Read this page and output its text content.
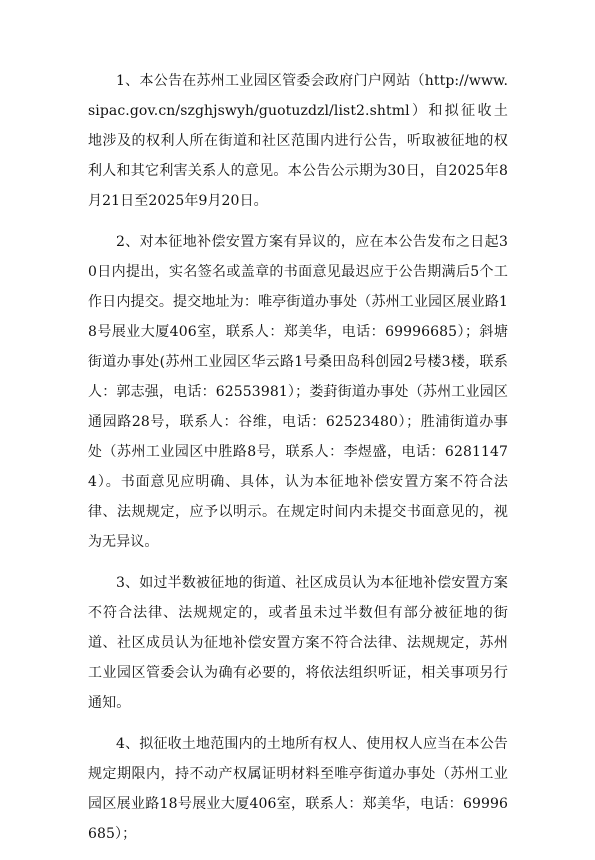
1、本公告在苏州工业园区管委会政府门户网站（http://www.sipac.gov.cn/szghjswyh/guotuzdzl/list2.shtml）和拟征收土地涉及的权利人所在街道和社区范围内进行公告，听取被征地的权利人和其它利害关系人的意见。本公告公示期为30日，自2025年8月21日至2025年9月20日。

2、对本征地补偿安置方案有异议的，应在本公告发布之日起30日内提出，实名签名或盖章的书面意见最迟应于公告期满后5个工作日内提交。提交地址为：唯亭街道办事处（苏州工业园区展业路18号展业大厦406室，联系人：郑美华，电话：69996685）；斜塘街道办事处(苏州工业园区华云路1号桑田岛科创园2号楼3楼，联系人：郭志强，电话：62553981）；娄葑街道办事处（苏州工业园区通园路28号，联系人：谷维，电话：62523480）；胜浦街道办事处（苏州工业园区中胜路8号，联系人：李煜盛，电话：62811474）。书面意见应明确、具体，认为本征地补偿安置方案不符合法律、法规规定，应予以明示。在规定时间内未提交书面意见的，视为无异议。

3、如过半数被征地的街道、社区成员认为本征地补偿安置方案不符合法律、法规规定的，或者虽未过半数但有部分被征地的街道、社区成员认为征地补偿安置方案不符合法律、法规规定，苏州工业园区管委会认为确有必要的，将依法组织听证，相关事项另行通知。

4、拟征收土地范围内的土地所有权人、使用权人应当在本公告规定期限内，持不动产权属证明材料至唯亭街道办事处（苏州工业园区展业路18号展业大厦406室，联系人：郑美华，电话：69996685）；
